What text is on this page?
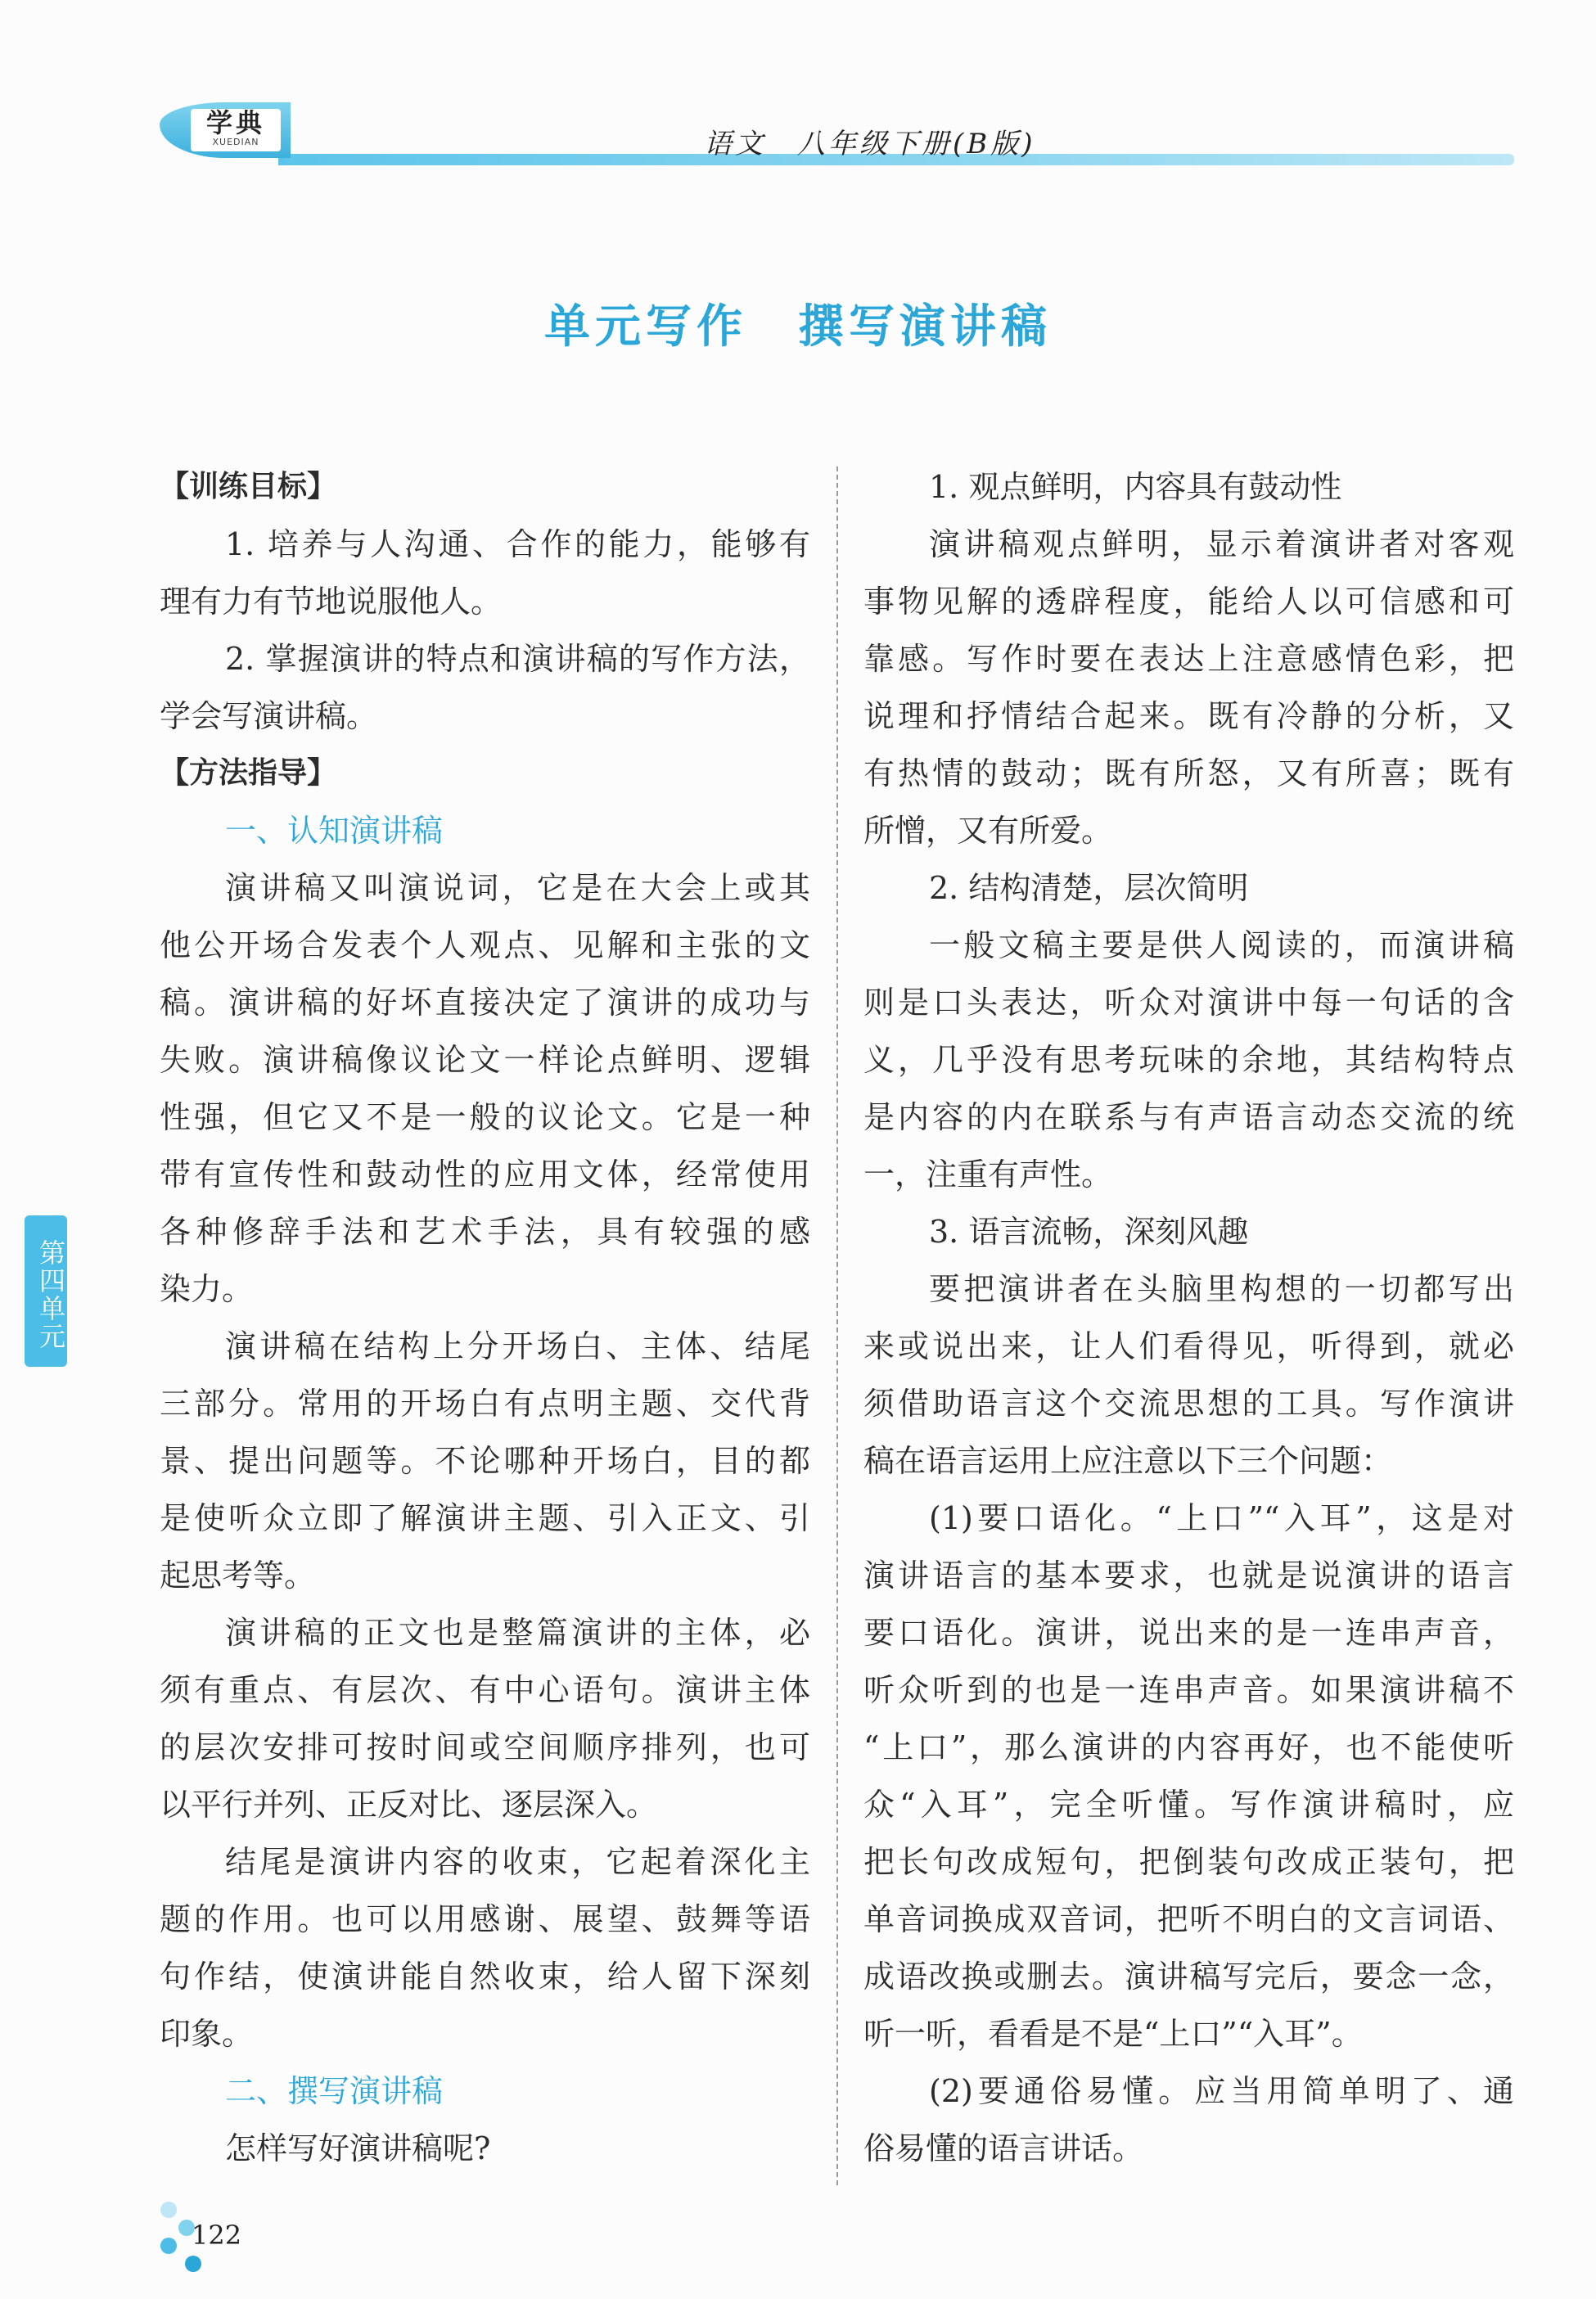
学典
XUEDIAN	语文　八年级下册(B版)
单元写作　撰写演讲稿
【训练目标】
1. 培养与人沟通、合作的能力，能够有
理有力有节地说服他人。
2. 掌握演讲的特点和演讲稿的写作方法，
学会写演讲稿。
【方法指导】
一、认知演讲稿
演讲稿又叫演说词，它是在大会上或其
他公开场合发表个人观点、见解和主张的文
稿。演讲稿的好坏直接决定了演讲的成功与
失败。演讲稿像议论文一样论点鲜明、逻辑
性强，但它又不是一般的议论文。它是一种
带有宣传性和鼓动性的应用文体，经常使用
各种修辞手法和艺术手法，具有较强的感
染力。
演讲稿在结构上分开场白、主体、结尾
三部分。常用的开场白有点明主题、交代背
景、提出问题等。不论哪种开场白，目的都
是使听众立即了解演讲主题、引入正文、引
起思考等。
演讲稿的正文也是整篇演讲的主体，必
须有重点、有层次、有中心语句。演讲主体
的层次安排可按时间或空间顺序排列，也可
以平行并列、正反对比、逐层深入。
结尾是演讲内容的收束，它起着深化主
题的作用。也可以用感谢、展望、鼓舞等语
句作结，使演讲能自然收束，给人留下深刻
印象。
二、撰写演讲稿
怎样写好演讲稿呢?
1. 观点鲜明，内容具有鼓动性
演讲稿观点鲜明，显示着演讲者对客观
事物见解的透辟程度，能给人以可信感和可
靠感。写作时要在表达上注意感情色彩，把
说理和抒情结合起来。既有冷静的分析，又
有热情的鼓动；既有所怒，又有所喜；既有
所憎，又有所爱。
2. 结构清楚，层次简明
一般文稿主要是供人阅读的，而演讲稿
则是口头表达，听众对演讲中每一句话的含
义，几乎没有思考玩味的余地，其结构特点
是内容的内在联系与有声语言动态交流的统
一，注重有声性。
3. 语言流畅，深刻风趣
要把演讲者在头脑里构想的一切都写出
来或说出来，让人们看得见，听得到，就必
须借助语言这个交流思想的工具。写作演讲
稿在语言运用上应注意以下三个问题：
(1)要口语化。“上口”“入耳”，这是对
演讲语言的基本要求，也就是说演讲的语言
要口语化。演讲，说出来的是一连串声音，
听众听到的也是一连串声音。如果演讲稿不
“上口”，那么演讲的内容再好，也不能使听
众“入耳”，完全听懂。写作演讲稿时，应
把长句改成短句，把倒装句改成正装句，把
单音词换成双音词，把听不明白的文言词语、
成语改换或删去。演讲稿写完后，要念一念，
听一听，看看是不是“上口”“入耳”。
(2)要通俗易懂。应当用简单明了、通
俗易懂的语言讲话。
第四单元
122
